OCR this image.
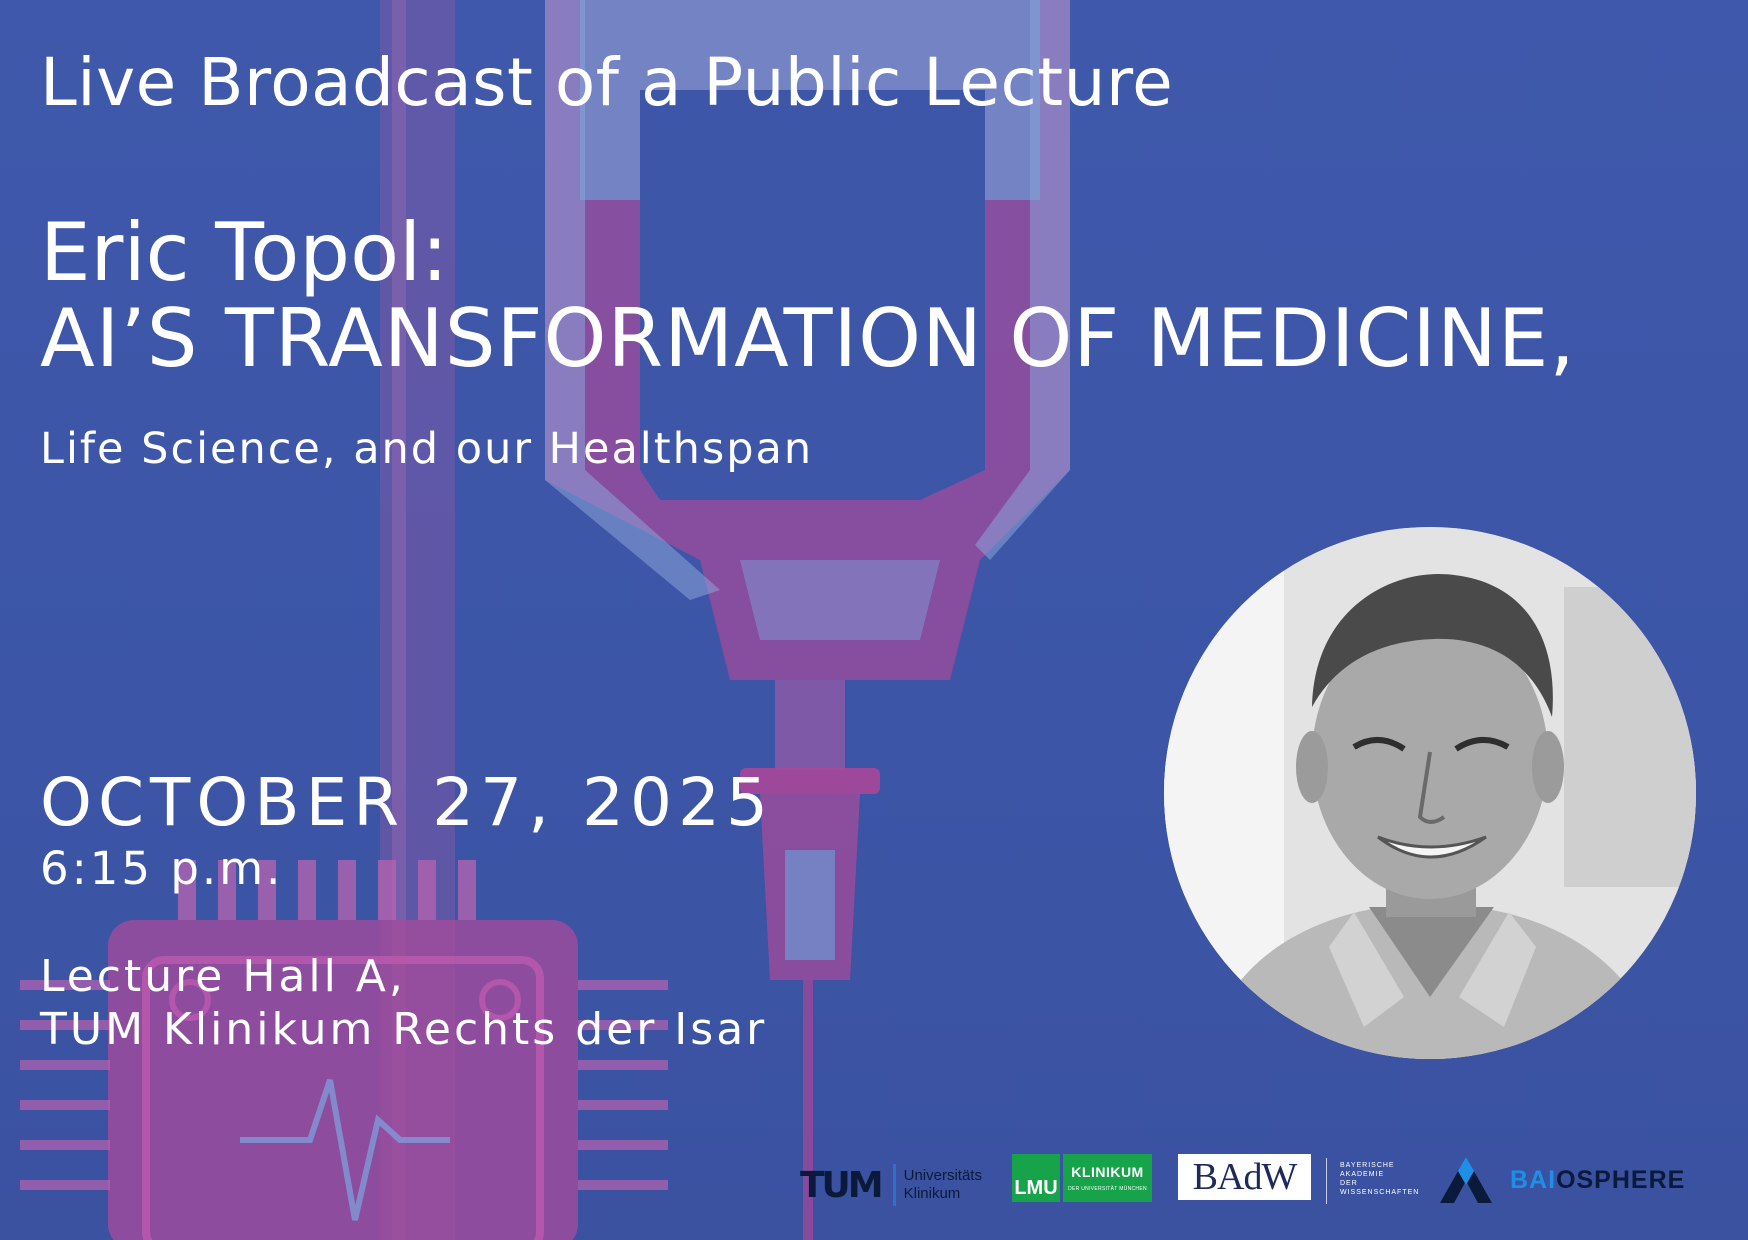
Live Broadcast of a Public Lecture
Eric Topol:
AI’S TRANSFORMATION OF MEDICINE,
Life Science, and our Healthspan
OCTOBER 27, 2025
6:15 p.m.
Lecture Hall A,
TUM Klinikum Rechts der Isar
TUM Universitäts
Klinikum	LMU
KLINIKUM
DER UNIVERSITÄT MÜNCHEN	BAdW	BAYERISCHE
AKADEMIE
DER
WISSENSCHAFTEN	BAIOSPHERE
